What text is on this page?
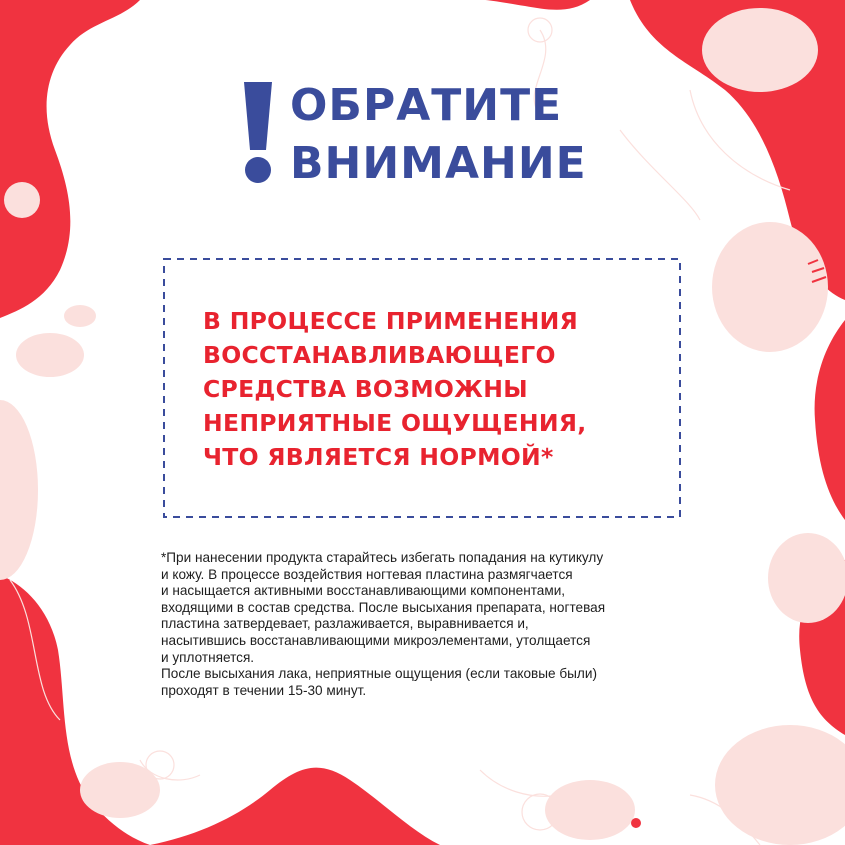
ОБРАТИТЕ
ВНИМАНИЕ

В ПРОЦЕССЕ ПРИМЕНЕНИЯ
ВОССТАНАВЛИВАЮЩЕГО
СРЕДСТВА ВОЗМОЖНЫ
НЕПРИЯТНЫЕ ОЩУЩЕНИЯ,
ЧТО ЯВЛЯЕТСЯ НОРМОЙ*

*При нанесении продукта старайтесь избегать попадания на кутикулу
и кожу. В процессе воздействия ногтевая пластина размягчается
и насыщается активными восстанавливающими компонентами,
входящими в состав средства. После высыхания препарата, ногтевая
пластина затвердевает, разлаживается, выравнивается и,
насытившись восстанавливающими микроэлементами, утолщается
и уплотняется.
После высыхания лака, неприятные ощущения (если таковые были)
проходят в течении 15-30 минут.
